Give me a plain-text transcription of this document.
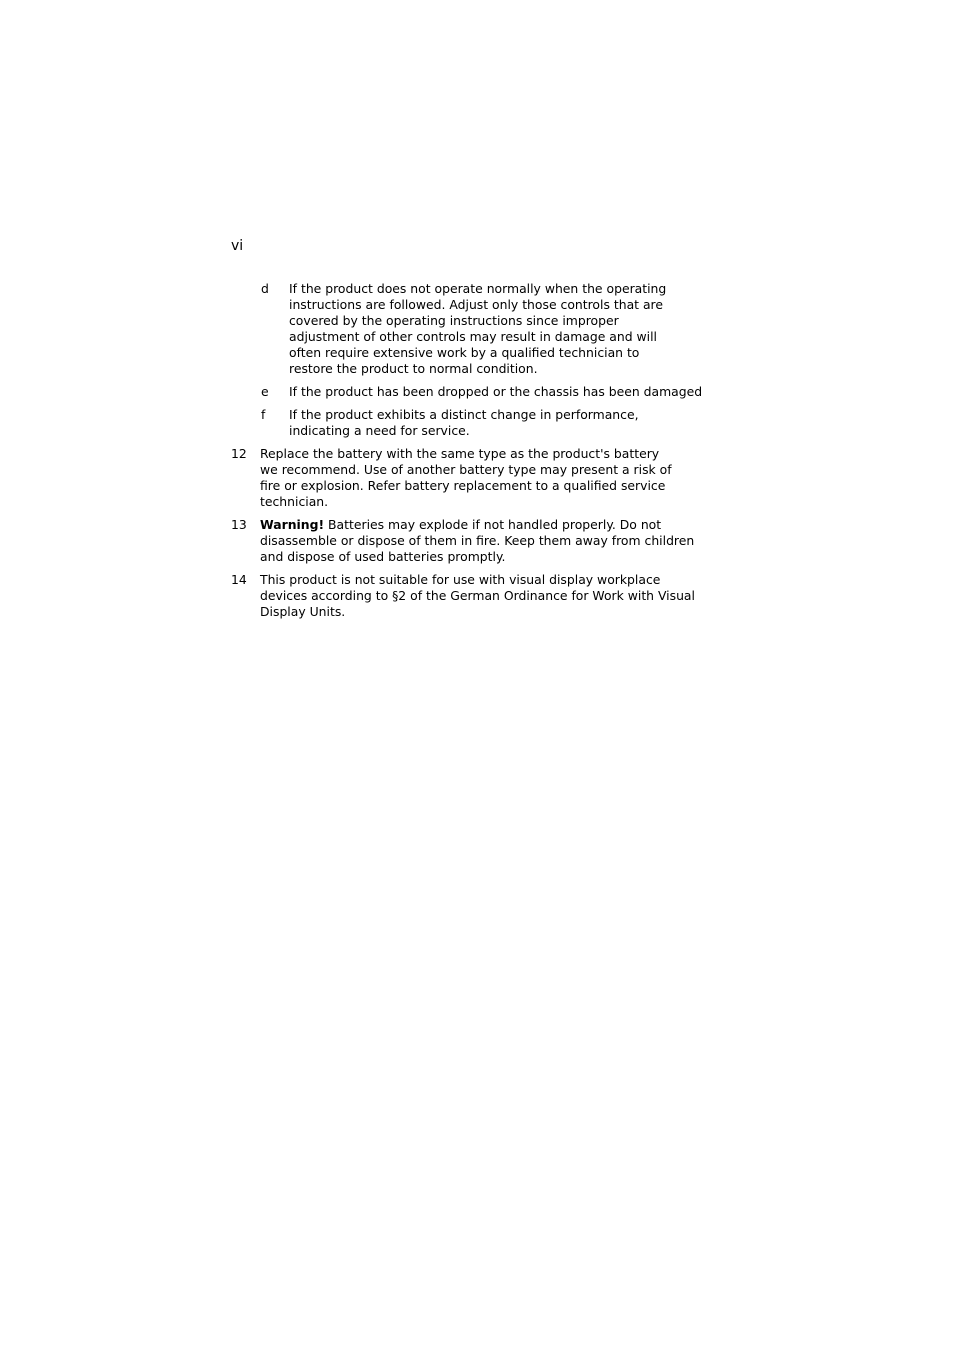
vi
d	If the product does not operate normally when the operating instructions are followed. Adjust only those controls that are covered by the operating instructions since improper adjustment of other controls may result in damage and will often require extensive work by a qualified technician to restore the product to normal condition.
e	If the product has been dropped or the chassis has been damaged
f	If the product exhibits a distinct change in performance, indicating a need for service.
12	Replace the battery with the same type as the product's battery we recommend. Use of another battery type may present a risk of fire or explosion. Refer battery replacement to a qualified service technician.
13	Warning! Batteries may explode if not handled properly. Do not disassemble or dispose of them in fire. Keep them away from children and dispose of used batteries promptly.
14	This product is not suitable for use with visual display workplace devices according to §2 of the German Ordinance for Work with Visual Display Units.
